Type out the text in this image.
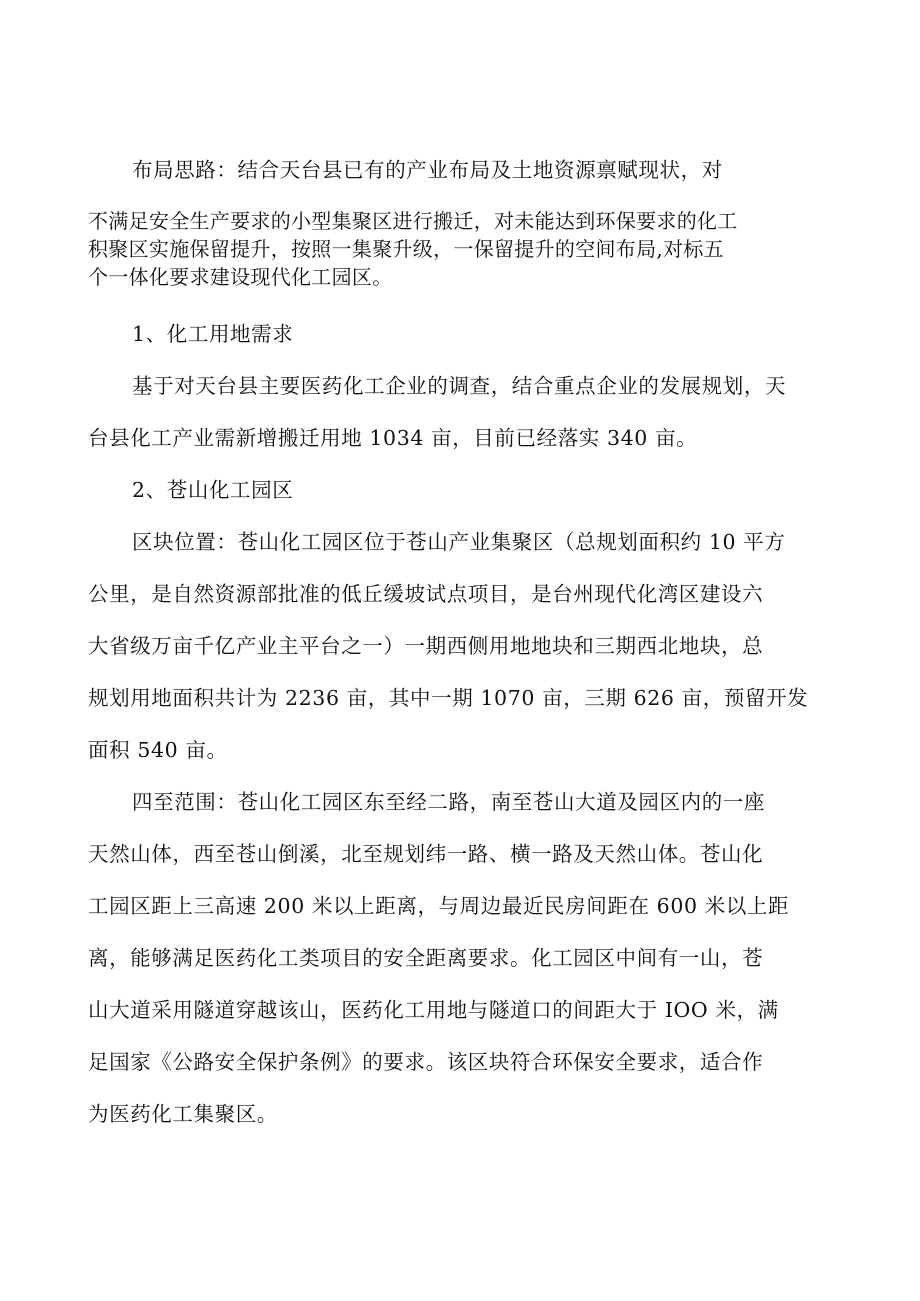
布局思路：结合天台县已有的产业布局及土地资源禀赋现状，对
不满足安全生产要求的小型集聚区进行搬迁，对未能达到环保要求的化工
积聚区实施保留提升，按照一集聚升级，一保留提升的空间布局,对标五
个一体化要求建设现代化工园区。
1、化工用地需求
基于对天台县主要医药化工企业的调查，结合重点企业的发展规划，天
台县化工产业需新增搬迁用地 1034 亩，目前已经落实 340 亩。
2、苍山化工园区
区块位置：苍山化工园区位于苍山产业集聚区（总规划面积约 10 平方
公里，是自然资源部批准的低丘缓坡试点项目，是台州现代化湾区建设六
大省级万亩千亿产业主平台之一）一期西侧用地地块和三期西北地块，总
规划用地面积共计为 2236 亩，其中一期 1070 亩，三期 626 亩，预留开发
面积 540 亩。
四至范围：苍山化工园区东至经二路，南至苍山大道及园区内的一座
天然山体，西至苍山倒溪，北至规划纬一路、横一路及天然山体。苍山化
工园区距上三高速 200 米以上距离，与周边最近民房间距在 600 米以上距
离，能够满足医药化工类项目的安全距离要求。化工园区中间有一山，苍
山大道采用隧道穿越该山，医药化工用地与隧道口的间距大于 IOO 米，满
足国家《公路安全保护条例》的要求。该区块符合环保安全要求，适合作
为医药化工集聚区。
